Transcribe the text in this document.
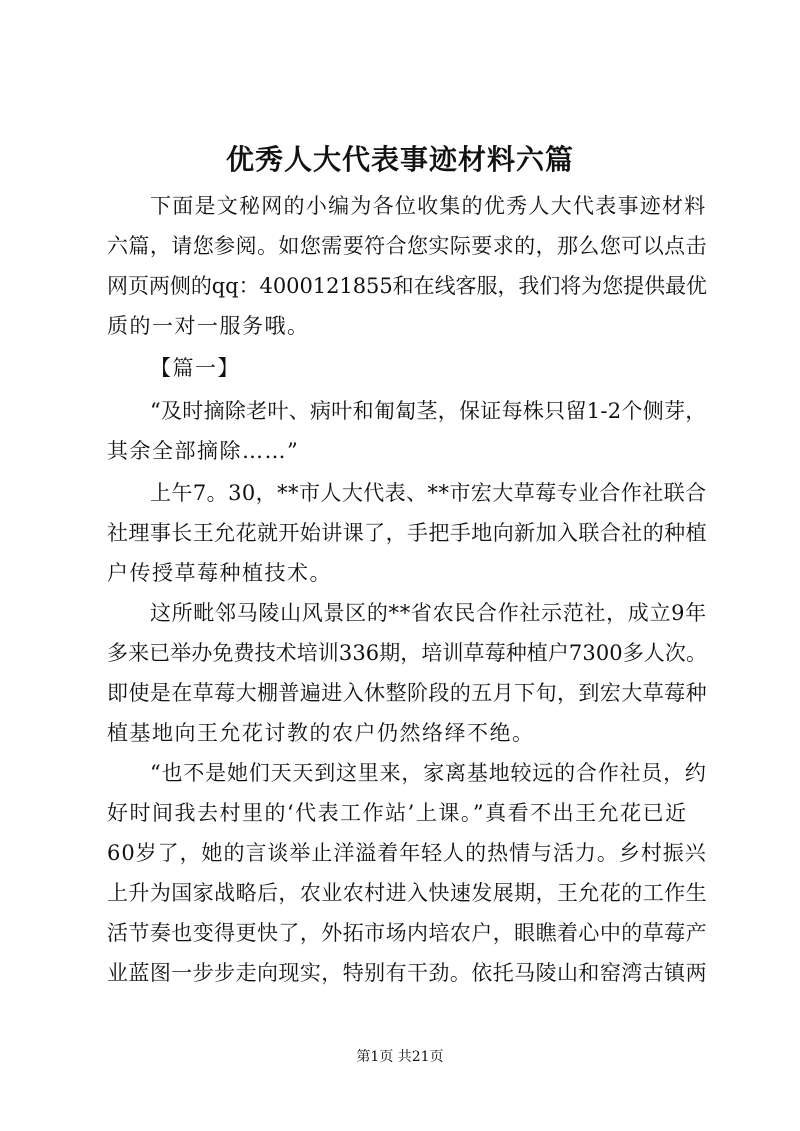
优秀人大代表事迹材料六篇
下面是文秘网的小编为各位收集的优秀人大代表事迹材料
六篇，请您参阅。如您需要符合您实际要求的，那么您可以点击
网页两侧的qq：4000121855和在线客服，我们将为您提供最优
质的一对一服务哦。
【篇一】
“及时摘除老叶、病叶和匍匐茎，保证每株只留1-2个侧芽，
其余全部摘除……”
上午7。30，**市人大代表、**市宏大草莓专业合作社联合
社理事长王允花就开始讲课了，手把手地向新加入联合社的种植
户传授草莓种植技术。
这所毗邻马陵山风景区的**省农民合作社示范社，成立9年
多来已举办免费技术培训336期，培训草莓种植户7300多人次。
即使是在草莓大棚普遍进入休整阶段的五月下旬，到宏大草莓种
植基地向王允花讨教的农户仍然络绎不绝。
“也不是她们天天到这里来，家离基地较远的合作社员，约
好时间我去村里的‘代表工作站’上课。”真看不出王允花已近
60岁了，她的言谈举止洋溢着年轻人的热情与活力。乡村振兴
上升为国家战略后，农业农村进入快速发展期，王允花的工作生
活节奏也变得更快了，外拓市场内培农户，眼瞧着心中的草莓产
业蓝图一步步走向现实，特别有干劲。依托马陵山和窑湾古镇两
第1页 共21页
